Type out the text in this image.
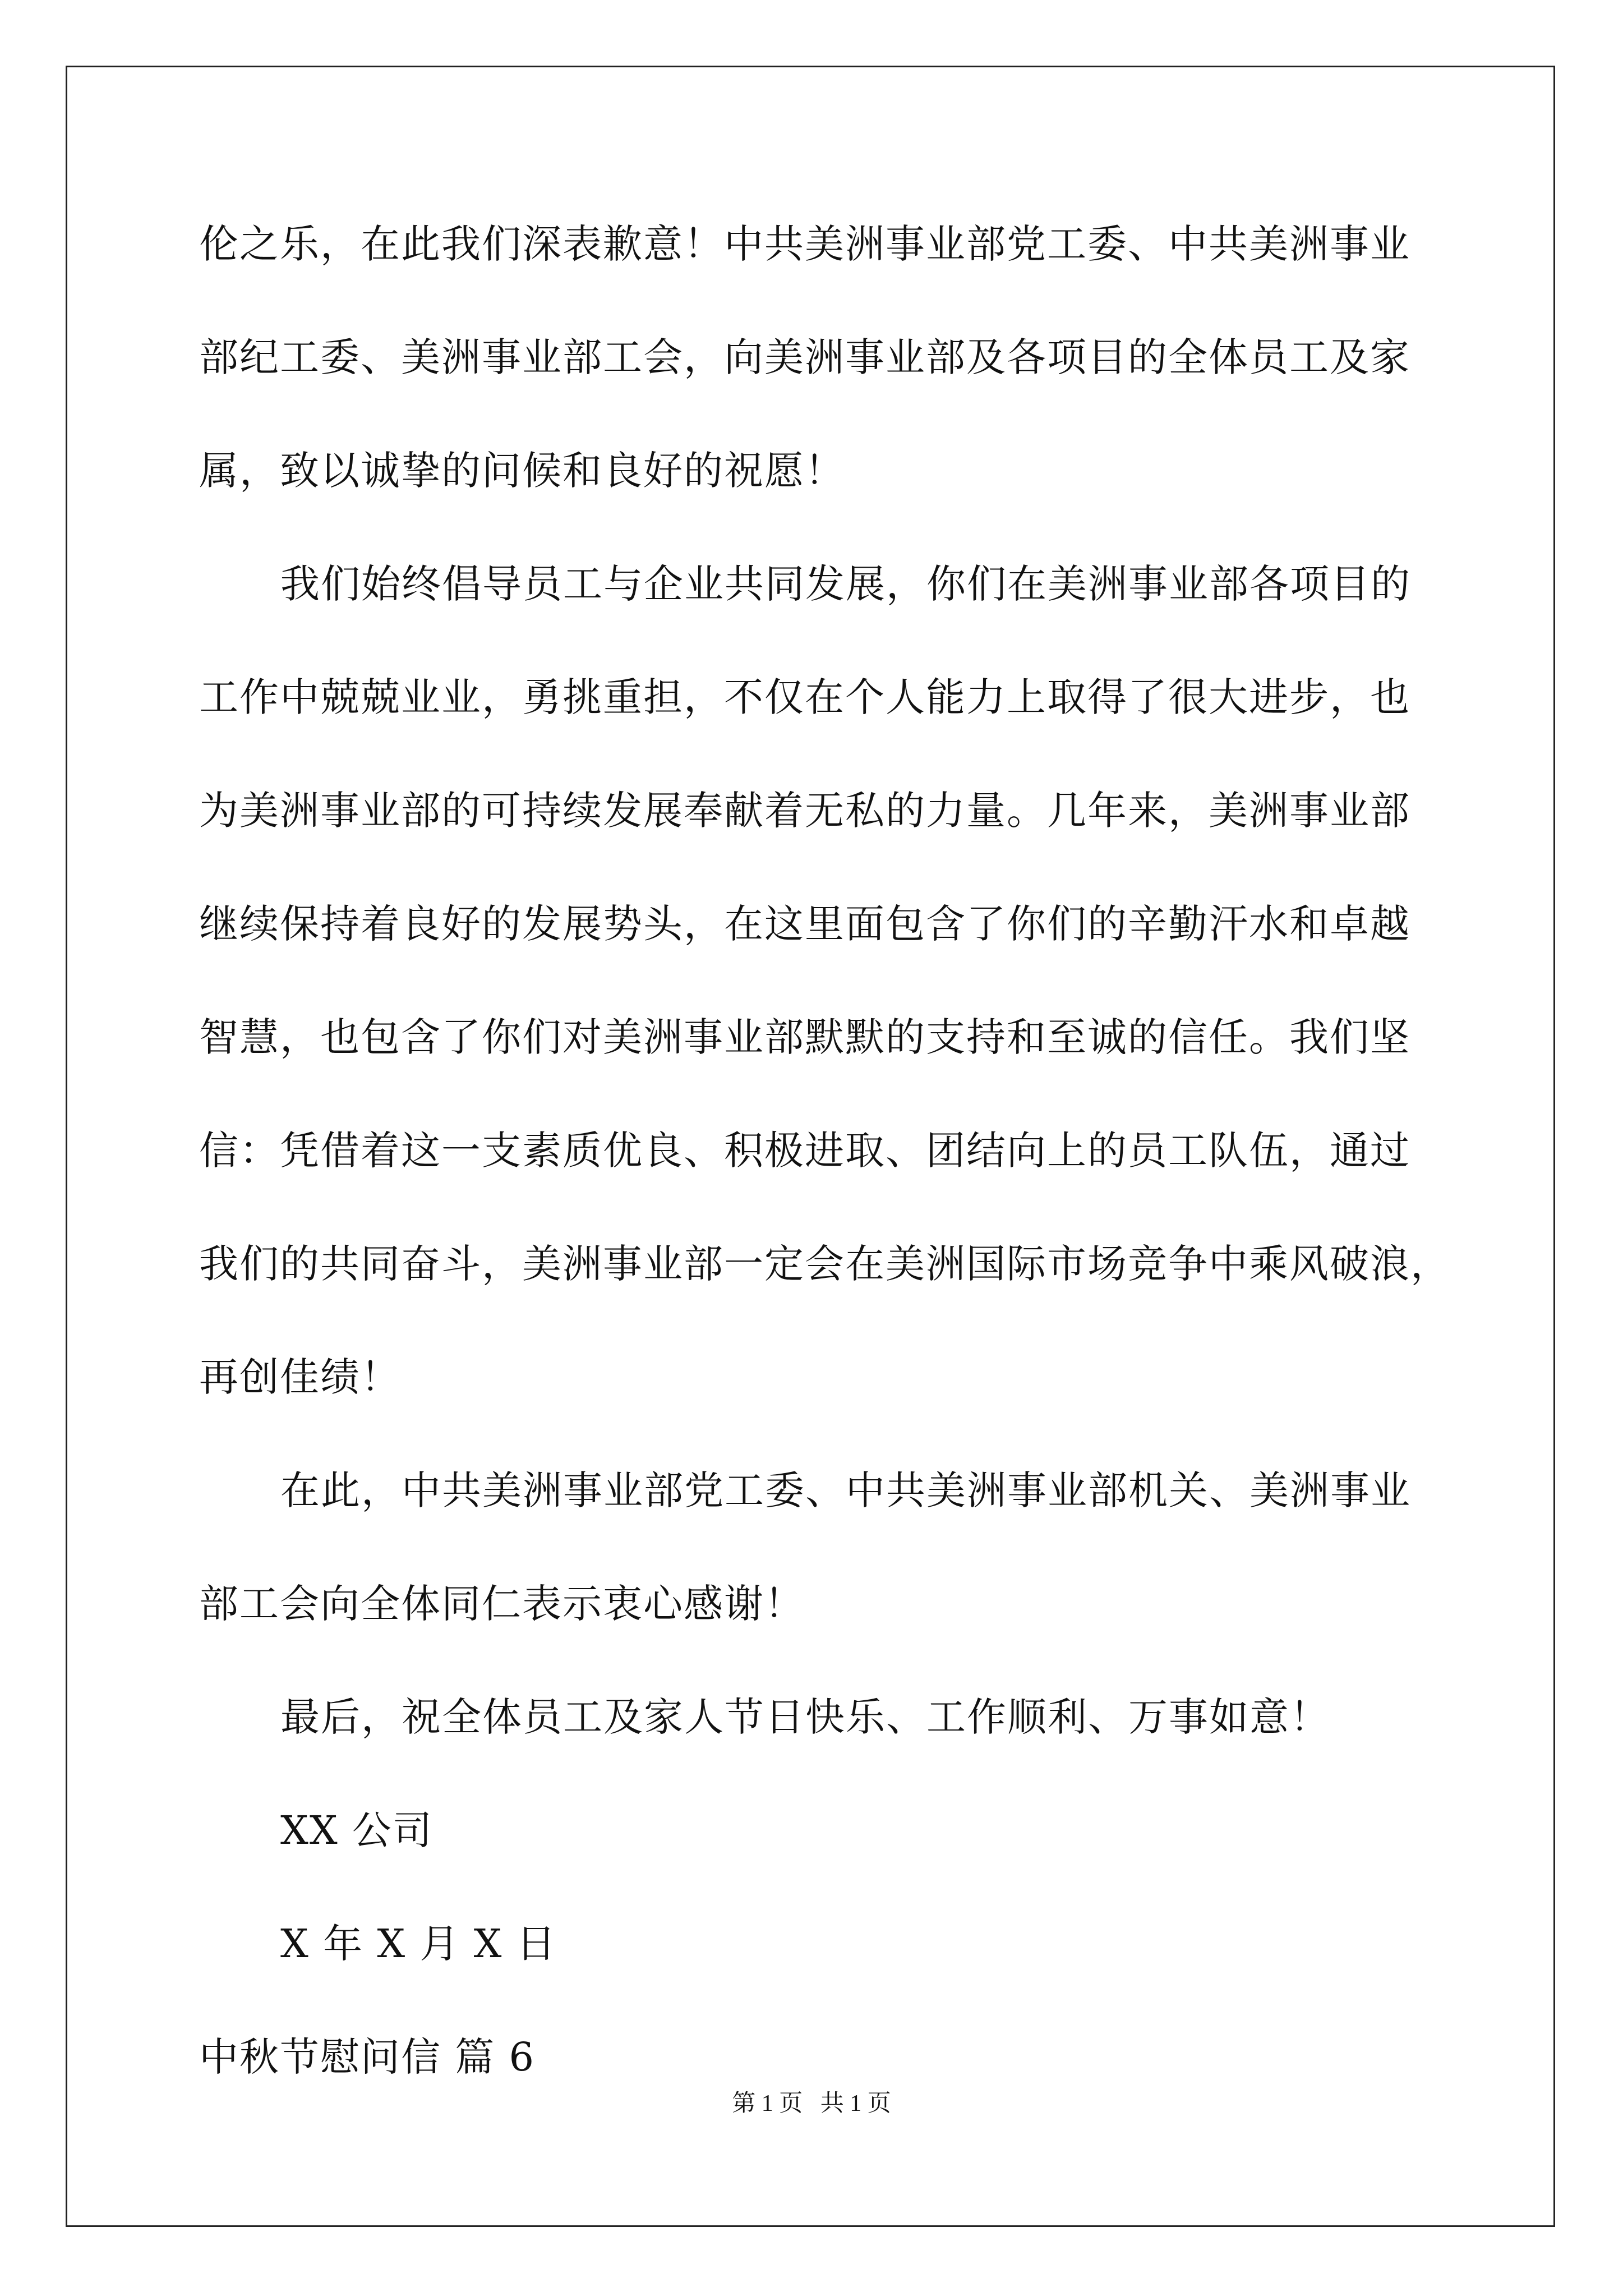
伦之乐，在此我们深表歉意！中共美洲事业部党工委、中共美洲事业
部纪工委、美洲事业部工会，向美洲事业部及各项目的全体员工及家
属，致以诚挚的问候和良好的祝愿！
我们始终倡导员工与企业共同发展，你们在美洲事业部各项目的
工作中兢兢业业，勇挑重担，不仅在个人能力上取得了很大进步，也
为美洲事业部的可持续发展奉献着无私的力量。几年来，美洲事业部
继续保持着良好的发展势头，在这里面包含了你们的辛勤汗水和卓越
智慧，也包含了你们对美洲事业部默默的支持和至诚的信任。我们坚
信：凭借着这一支素质优良、积极进取、团结向上的员工队伍，通过
我们的共同奋斗，美洲事业部一定会在美洲国际市场竞争中乘风破浪，
再创佳绩！
在此，中共美洲事业部党工委、中共美洲事业部机关、美洲事业
部工会向全体同仁表示衷心感谢！
最后，祝全体员工及家人节日快乐、工作顺利、万事如意！
XX 公司
X 年 X 月 X 日
中秋节慰问信 篇 6
第 1 页   共 1 页
